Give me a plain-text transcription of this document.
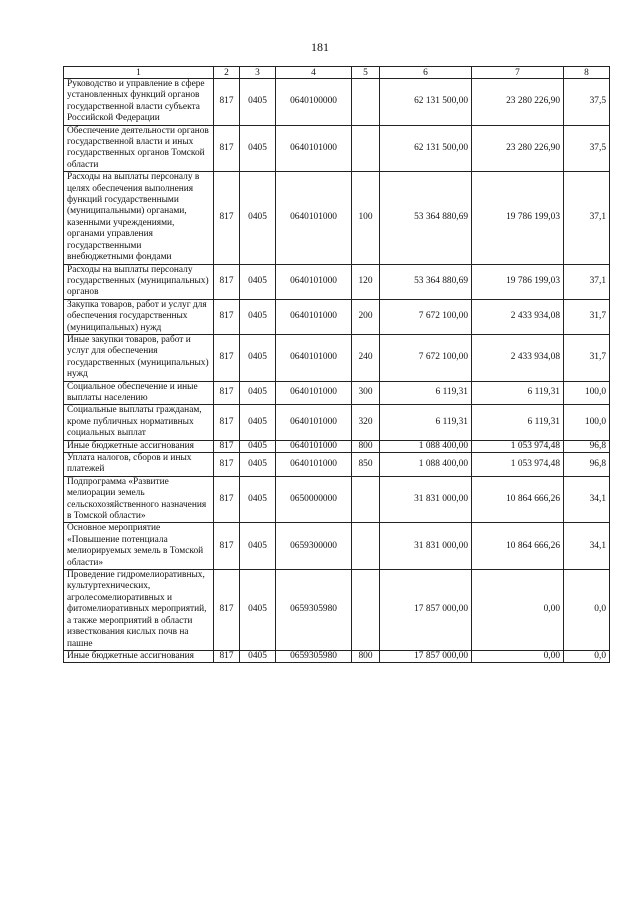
181
1	2	3	4	5	6	7	8
Руководство и управление в сфере установленных функций органов государственной власти субъекта Российской Федерации	817	0405	0640100000		62 131 500,00	23 280 226,90	37,5
Обеспечение деятельности органов государственной власти и иных государственных органов Томской области	817	0405	0640101000		62 131 500,00	23 280 226,90	37,5
Расходы на выплаты персоналу в целях обеспечения выполнения функций государственными (муниципальными) органами, казенными учреждениями, органами управления государственными внебюджетными фондами	817	0405	0640101000	100	53 364 880,69	19 786 199,03	37,1
Расходы на выплаты персоналу государственных (муниципальных) органов	817	0405	0640101000	120	53 364 880,69	19 786 199,03	37,1
Закупка товаров, работ и услуг для обеспечения государственных (муниципальных) нужд	817	0405	0640101000	200	7 672 100,00	2 433 934,08	31,7
Иные закупки товаров, работ и услуг для обеспечения государственных (муниципальных) нужд	817	0405	0640101000	240	7 672 100,00	2 433 934,08	31,7
Социальное обеспечение и иные выплаты населению	817	0405	0640101000	300	6 119,31	6 119,31	100,0
Социальные выплаты гражданам, кроме публичных нормативных социальных выплат	817	0405	0640101000	320	6 119,31	6 119,31	100,0
Иные бюджетные ассигнования	817	0405	0640101000	800	1 088 400,00	1 053 974,48	96,8
Уплата налогов, сборов и иных платежей	817	0405	0640101000	850	1 088 400,00	1 053 974,48	96,8
Подпрограмма «Развитие мелиорации земель сельскохозяйственного назначения в Томской области»	817	0405	0650000000		31 831 000,00	10 864 666,26	34,1
Основное мероприятие «Повышение потенциала мелиорируемых земель в Томской области»	817	0405	0659300000		31 831 000,00	10 864 666,26	34,1
Проведение гидромелиоративных, культуртехнических, агролесомелиоративных и фитомелиоративных мероприятий, а также мероприятий в области известкования кислых почв на пашне	817	0405	0659305980		17 857 000,00	0,00	0,0
Иные бюджетные ассигнования	817	0405	0659305980	800	17 857 000,00	0,00	0,0
